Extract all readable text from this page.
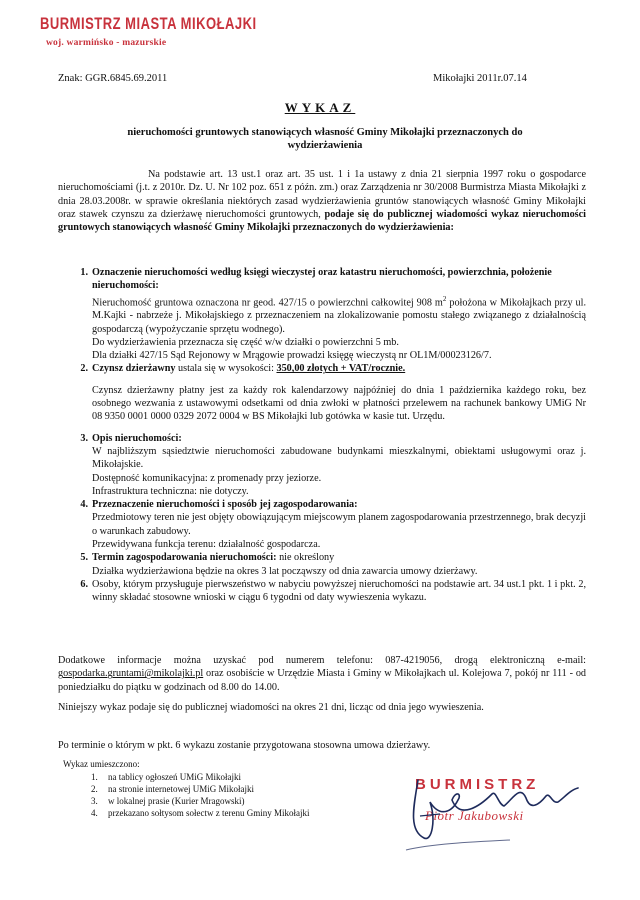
BURMISTRZ MIASTA MIKOŁAJKI
woj. warmińsko - mazurskie
Znak: GGR.6845.69.2011	Mikołajki 2011r.07.14
WYKAZ
nieruchomości gruntowych stanowiących własność Gminy Mikołajki przeznaczonych do wydzierżawienia

Na podstawie art. 13 ust.1 oraz art. 35 ust. 1 i 1a ustawy z dnia 21 sierpnia 1997 roku o gospodarce nieruchomościami (j.t. z 2010r. Dz. U. Nr 102 poz. 651 z późn. zm.) oraz Zarządzenia nr 30/2008 Burmistrza Miasta Mikołajki z dnia 28.03.2008r. w sprawie określania niektórych zasad wydzierżawienia gruntów stanowiących własność Gminy Mikołajki oraz stawek czynszu za dzierżawę nieruchomości gruntowych, podaje się do publicznej wiadomości wykaz nieruchomości gruntowych stanowiących własność Gminy Mikołajki przeznaczonych do wydzierżawienia:

1. Oznaczenie nieruchomości według księgi wieczystej oraz katastru nieruchomości, powierzchnia, położenie nieruchomości:
Nieruchomość gruntowa oznaczona nr geod. 427/15 o powierzchni całkowitej 908 $m^2$ położona w Mikołajkach przy ul. M.Kajki - nabrzeże j. Mikołajskiego z przeznaczeniem na zlokalizowanie pomostu stałego związanego z działalnością gospodarczą (wypożyczanie sprzętu wodnego).
Do wydzierżawienia przeznacza się część w/w działki o powierzchni 5 mb.
Dla działki 427/15 Sąd Rejonowy w Mrągowie prowadzi księgę wieczystą nr OL1M/00023126/7.
2. Czynsz dzierżawny ustala się w wysokości: 350,00 złotych + VAT/rocznie.
Czynsz dzierżawny płatny jest za każdy rok kalendarzowy najpóźniej do dnia 1 października każdego roku, bez osobnego wezwania z ustawowymi odsetkami od dnia zwłoki w płatności przelewem na rachunek bankowy UMiG Nr 08 9350 0001 0000 0329 2072 0004 w BS Mikołajki lub gotówka w kasie tut. Urzędu.
3. Opis nieruchomości:
W najbliższym sąsiedztwie nieruchomości zabudowane budynkami mieszkalnymi, obiektami usługowymi oraz j. Mikołajskie.
Dostępność komunikacyjna: z promenady przy jeziorze.
Infrastruktura techniczna: nie dotyczy.
4. Przeznaczenie nieruchomości i sposób jej zagospodarowania:
Przedmiotowy teren nie jest objęty obowiązującym miejscowym planem zagospodarowania przestrzennego, brak decyzji o warunkach zabudowy.
Przewidywana funkcja terenu: działalność gospodarcza.
5. Termin zagospodarowania nieruchomości: nie określony
Działka wydzierżawiona będzie na okres 3 lat począwszy od dnia zawarcia umowy dzierżawy.
6. Osoby, którym przysługuje pierwszeństwo w nabyciu powyższej nieruchomości na podstawie art. 34 ust.1 pkt. 1 i pkt. 2, winny składać stosowne wnioski w ciągu 6 tygodni od daty wywieszenia wykazu.
Dodatkowe informacje można uzyskać pod numerem telefonu: 087-4219056, drogą elektroniczną e-mail: gospodarka.gruntami@mikolajki.pl oraz osobiście w Urzędzie Miasta i Gminy w Mikołajkach ul. Kolejowa 7, pokój nr 111 - od poniedziałku do piątku w godzinach od 8.00 do 14.00.
Niniejszy wykaz podaje się do publicznej wiadomości na okres 21 dni, licząc od dnia jego wywieszenia.
Po terminie o którym w pkt. 6 wykazu zostanie przygotowana stosowna umowa dzierżawy.
Wykaz umieszczono:
1. na tablicy ogłoszeń UMiG Mikołajki
2. na stronie internetowej UMiG Mikołajki
3. w lokalnej prasie (Kurier Mragowski)
4. przekazano sołtysom sołectw z terenu Gminy Mikołajki
BURMISTRZ
Piotr Jakubowski
